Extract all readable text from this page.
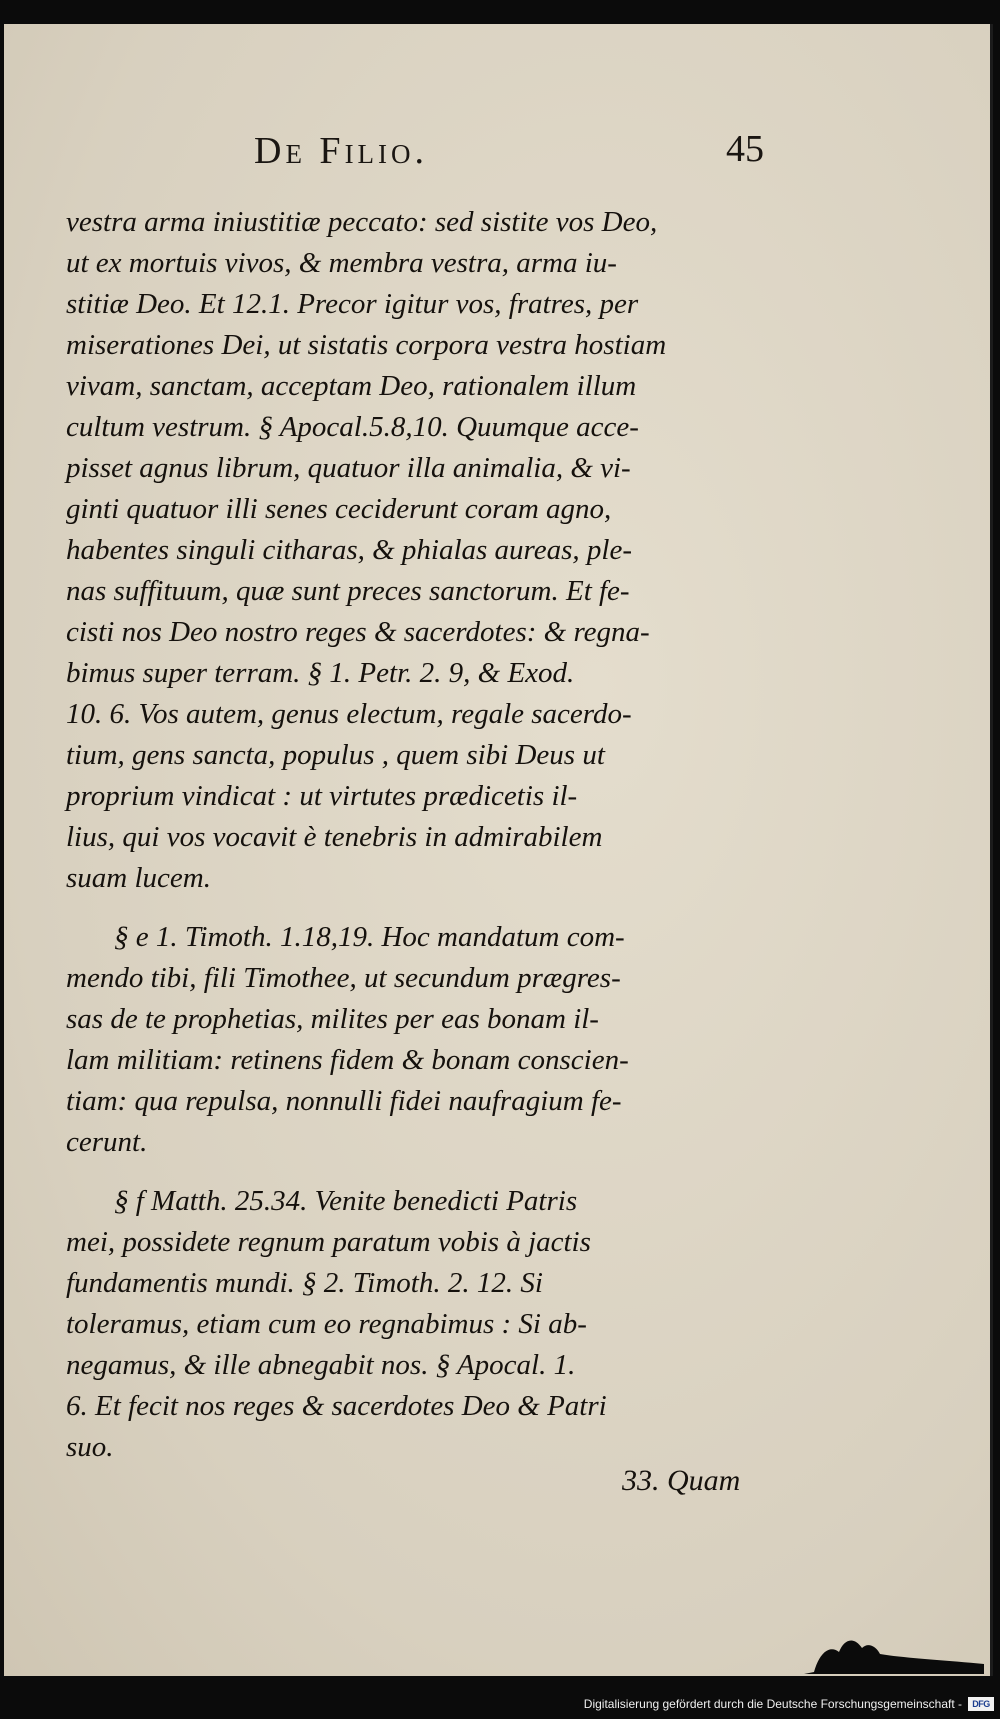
De Filio.	45
vestra arma iniustitiæ peccato: sed sistite vos Deo,
ut ex mortuis vivos, & membra vestra, arma iu-
stitiæ Deo. Et 12.1. Precor igitur vos, fratres, per
miserationes Dei, ut sistatis corpora vestra hostiam
vivam, sanctam, acceptam Deo, rationalem illum
cultum vestrum. § Apocal.5.8,10. Quumque acce-
pisset agnus librum, quatuor illa animalia, & vi-
ginti quatuor illi senes ceciderunt coram agno,
habentes singuli citharas, & phialas aureas, ple-
nas suffituum, quæ sunt preces sanctorum. Et fe-
cisti nos Deo nostro reges & sacerdotes: & regna-
bimus super terram. § 1. Petr. 2. 9, & Exod.
10. 6. Vos autem, genus electum, regale sacerdo-
tium, gens sancta, populus , quem sibi Deus ut
proprium vindicat : ut virtutes prædicetis il-
lius, qui vos vocavit è tenebris in admirabilem
suam lucem.
§ e 1. Timoth. 1.18,19. Hoc mandatum com-
mendo tibi, fili Timothee, ut secundum prægres-
sas de te prophetias, milites per eas bonam il-
lam militiam: retinens fidem & bonam conscien-
tiam: qua repulsa, nonnulli fidei naufragium fe-
cerunt.
§ f Matth. 25.34. Venite benedicti Patris
mei, possidete regnum paratum vobis à jactis
fundamentis mundi. § 2. Timoth. 2. 12. Si
toleramus, etiam cum eo regnabimus : Si ab-
negamus, & ille abnegabit nos. § Apocal. 1.
6. Et fecit nos reges & sacerdotes Deo & Patri
suo.
33. Quam
Digitalisierung gefördert durch die Deutsche Forschungsgemeinschaft -	DFG
